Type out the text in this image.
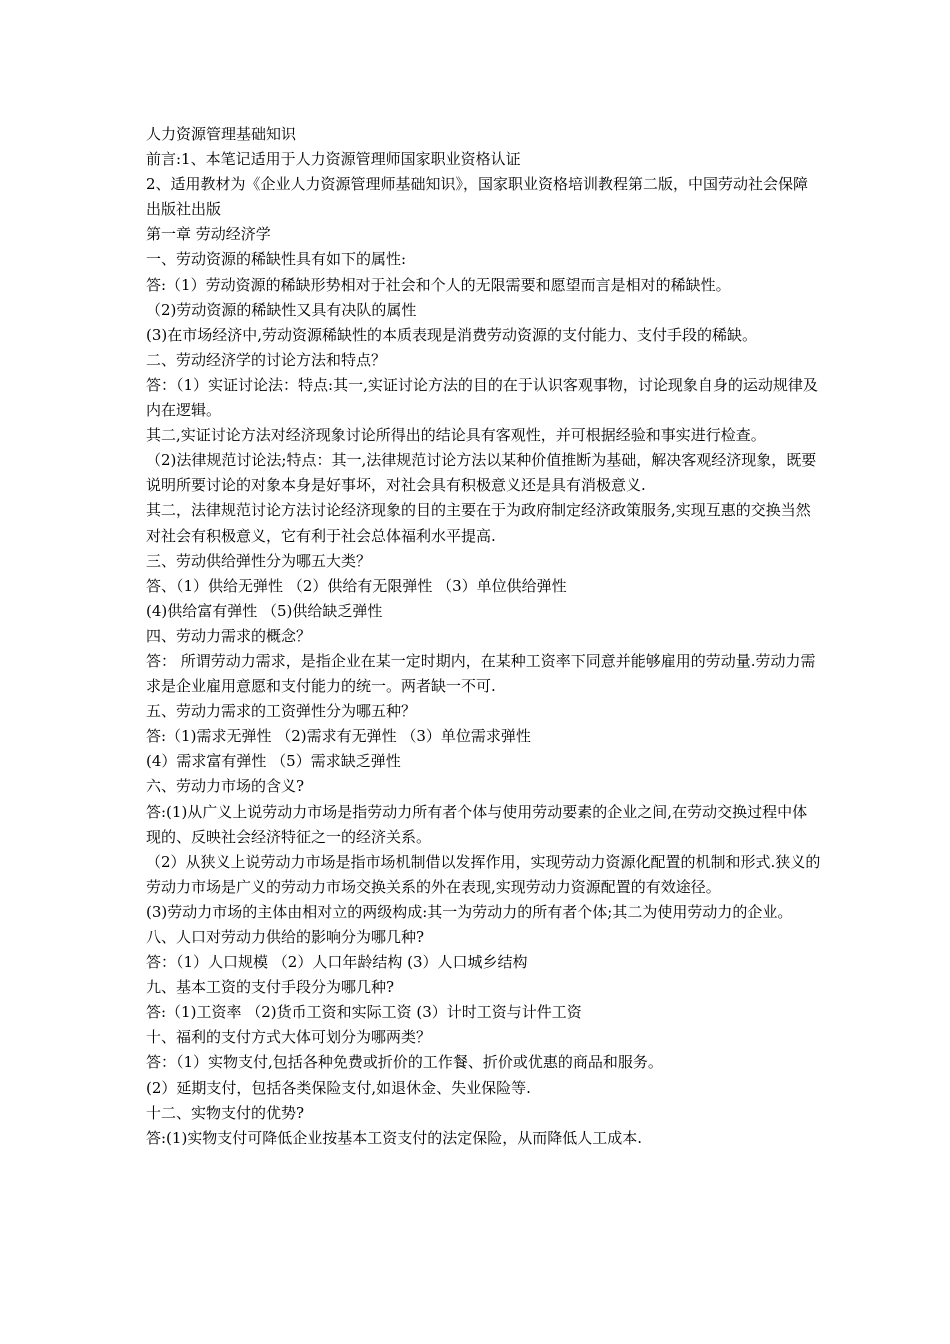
人力资源管理基础知识

前言:1、本笔记适用于人力资源管理师国家职业资格认证

2、适用教材为《企业人力资源管理师基础知识》，国家职业资格培训教程第二版，中国劳动社会保障出版社出版

第一章 劳动经济学

一、劳动资源的稀缺性具有如下的属性:

答:（1）劳动资源的稀缺形势相对于社会和个人的无限需要和愿望而言是相对的稀缺性。

（2)劳动资源的稀缺性又具有决队的属性

(3)在市场经济中,劳动资源稀缺性的本质表现是消费劳动资源的支付能力、支付手段的稀缺。

二、劳动经济学的讨论方法和特点？

答：（1）实证讨论法：特点:其一,实证讨论方法的目的在于认识客观事物，讨论现象自身的运动规律及内在逻辑。

其二,实证讨论方法对经济现象讨论所得出的结论具有客观性，并可根据经验和事实进行检查。

（2)法律规范讨论法;特点：其一,法律规范讨论方法以某种价值推断为基础，解决客观经济现象，既要说明所要讨论的对象本身是好事坏，对社会具有积极意义还是具有消极意义.

其二，法律规范讨论方法讨论经济现象的目的主要在于为政府制定经济政策服务,实现互惠的交换当然对社会有积极意义，它有利于社会总体福利水平提高.

三、劳动供给弹性分为哪五大类？

答、（1）供给无弹性 （2）供给有无限弹性 （3）单位供给弹性

(4)供给富有弹性 （5)供给缺乏弹性

四、劳动力需求的概念？

答： 所谓劳动力需求，是指企业在某一定时期内，在某种工资率下同意并能够雇用的劳动量.劳动力需求是企业雇用意愿和支付能力的统一。两者缺一不可.

五、劳动力需求的工资弹性分为哪五种？

答:（1)需求无弹性 （2)需求有无弹性 （3）单位需求弹性

(4）需求富有弹性 （5）需求缺乏弹性

六、劳动力市场的含义?

答:(1)从广义上说劳动力市场是指劳动力所有者个体与使用劳动要素的企业之间,在劳动交换过程中体现的、反映社会经济特征之一的经济关系。

（2）从狭义上说劳动力市场是指市场机制借以发挥作用，实现劳动力资源化配置的机制和形式.狭义的劳动力市场是广义的劳动力市场交换关系的外在表现,实现劳动力资源配置的有效途径。

(3)劳动力市场的主体由相对立的两级构成:其一为劳动力的所有者个体;其二为使用劳动力的企业。

八、人口对劳动力供给的影响分为哪几种?

答：（1）人口规模 （2）人口年龄结构 (3）人口城乡结构

九、基本工资的支付手段分为哪几种?

答:（1)工资率 （2)货币工资和实际工资 (3）计时工资与计件工资

十、福利的支付方式大体可划分为哪两类？

答：（1）实物支付,包括各种免费或折价的工作餐、折价或优惠的商品和服务。

(2）延期支付，包括各类保险支付,如退休金、失业保险等.

十二、实物支付的优势?

答:(1)实物支付可降低企业按基本工资支付的法定保险，从而降低人工成本.
